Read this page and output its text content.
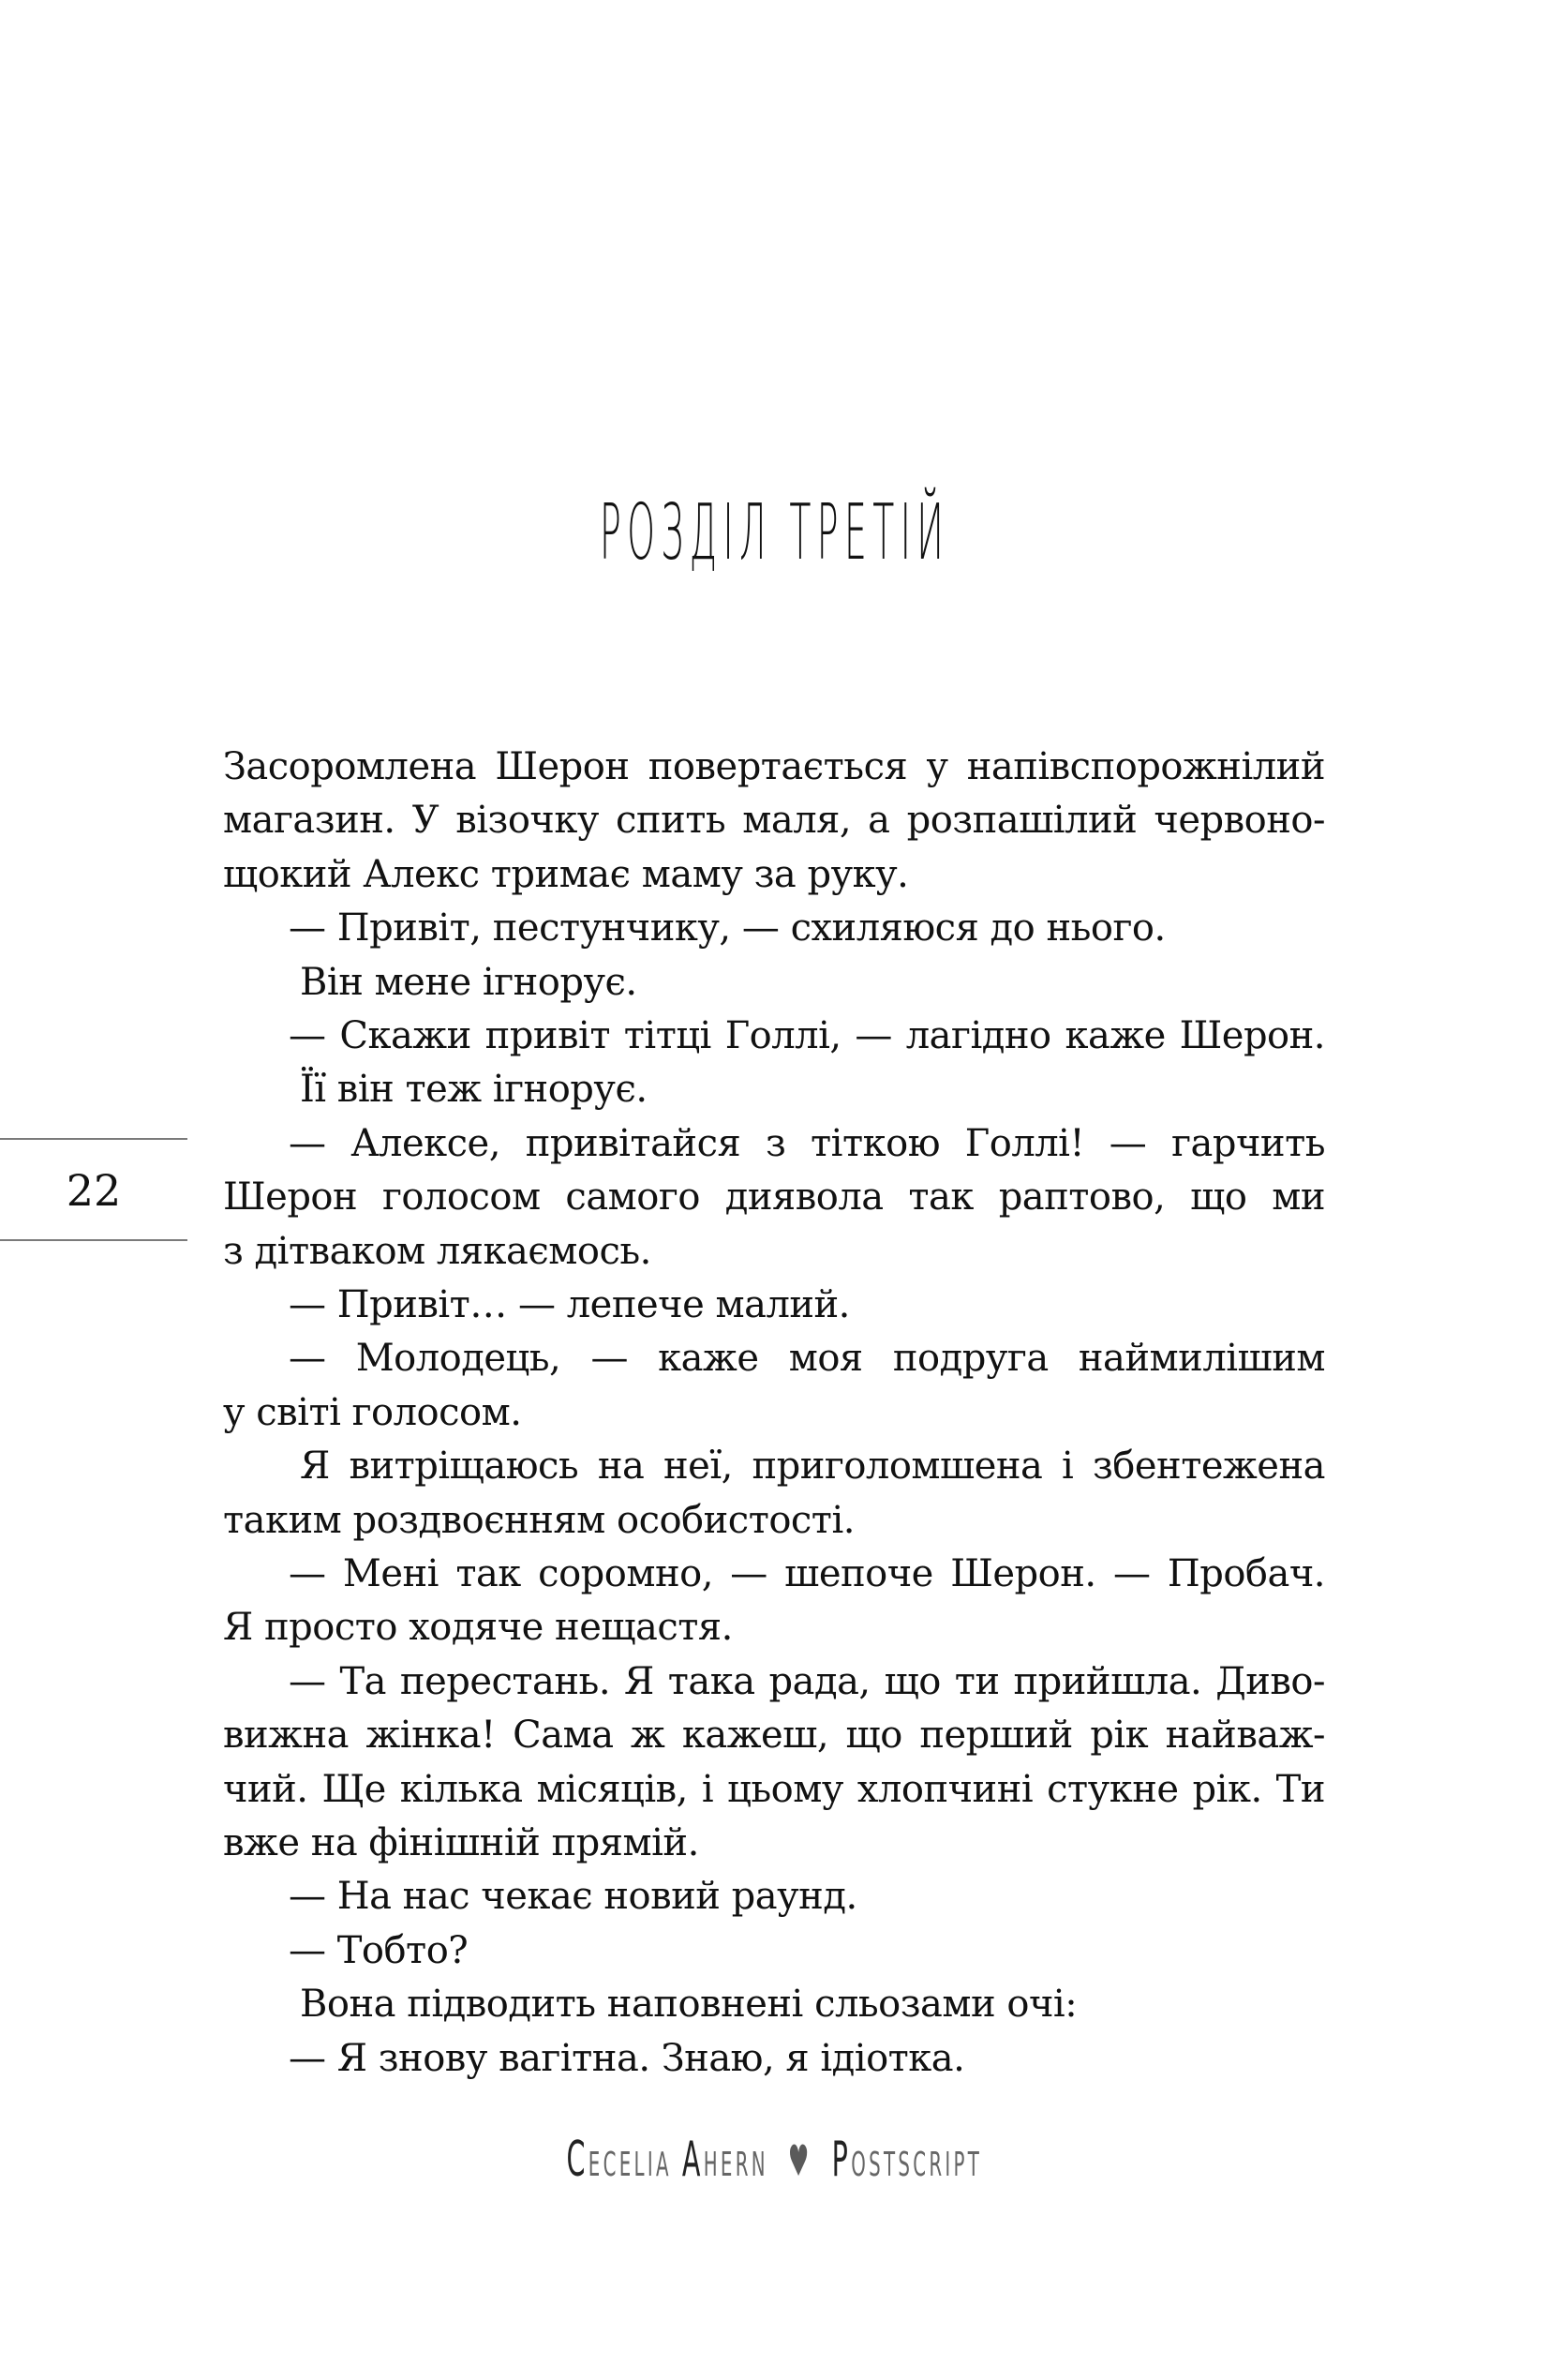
РОЗДІЛ ТРЕТІЙ
22
Засоромлена Шерон повертається у напівспорожнілий
магазин. У візочку спить маля, а розпашілий червоно-
щокий Алекс тримає маму за руку.
— Привіт, пестунчику, — схиляюся до нього.
Він мене ігнорує.
— Скажи привіт тітці Голлі, — лагідно каже Шерон.
Її він теж ігнорує.
— Алексе, привітайся з тіткою Голлі! — гарчить
Шерон голосом самого диявола так раптово, що ми
з дітваком лякаємось.
— Привіт… — лепече малий.
— Молодець, — каже моя подруга наймилішим
у світі голосом.
Я витріщаюсь на неї, приголомшена і збентежена
таким роздвоєнням особистості.
— Мені так соромно, — шепоче Шерон. — Пробач.
Я просто ходяче нещастя.
— Та перестань. Я така рада, що ти прийшла. Диво-
вижна жінка! Сама ж кажеш, що перший рік найваж-
чий. Ще кілька місяців, і цьому хлопчині стукне рік. Ти
вже на фінішній прямій.
— На нас чекає новий раунд.
— Тобто?
Вона підводить наповнені сльозами очі:
— Я знову вагітна. Знаю, я ідіотка.
CECELIA AHERN ♥ POSTSCRIPT
